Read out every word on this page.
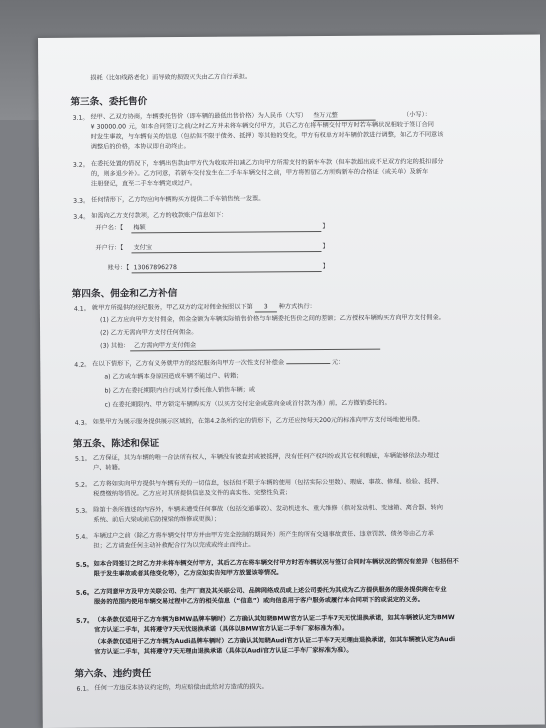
损耗（比如线路老化）而导致的损毁灭失由乙方自行承担。
第三条、委托售价
3.1。 经甲、乙双方协商，车辆委托售价（即车辆的最低出售价格）为人民币（大写） 叁万元整	（小写）：
¥ 30000.00 元，如本合同签订之前/之时乙方并未将车辆交付甲方，其后乙方在将车辆交付甲方时若车辆状况相较于签订合同
时发生事故，与车辆有关的信息（包括但不限于债务、抵押）等其他的变化，甲方有权单方对车辆价款进行调整，如乙方不同意该
调整后的价格，本协议即自动终止。
3.2。 在委托处置的情况下，车辆出售款由甲方代为收取并扣减乙方向甲方所需支付的新车车款（但车款超出或不足双方约定的抵扣部分
的，则多退少补）。乙方同意，若新车交付发生在二手车车辆交付之前，甲方将暂留乙方所购新车的合格证（或关单）及新车
注册登记，直至二手车车辆完成过户。
3.3。 任何情形下，乙方均应向车辆购买方提供二手车销售统一发票。
3.4。 如需向乙方支付款项，乙方的收款账户信息如下：
开户名：【 梅颖	】
开户行：【 支付宝	】
账号：【 13067896278	】
第四条、佣金和乙方补信
4.1。 就甲方所提供的经纪服务，甲乙双方约定对佣金按照以下第 3 种方式执行：
(1) 乙方应向甲方支付佣金，佣金金额为车辆实际销售价格与车辆委托售价之间的差额；乙方授权车辆购买方向甲方支付佣金。
(2) 乙方无需向甲方支付任何佣金。
(3) 其他： 乙方需向甲方支付佣金
4.2。 在以下情形下，乙方有义务就甲方的经纪服务向甲方一次性支付补偿金	元：
a) 乙方或车辆本身原因造成车辆不能过户、转籍；
b) 乙方在委托期限内自行或另行委托他人销售车辆；或
c) 在委托期限内、甲方锁定车辆购买方（以买方交付定金或意向金或首付款为准）前，乙方撤销委托的。
4.3。 如果甲方为展示服务提供展示区域的，在第4.2条所约定的情形下，乙方还应按每天200元的标准向甲方支付场地使用费。
第五条、陈述和保证
5.1。 乙方保证，其为车辆的唯一合法所有权人，车辆没有被查封或被抵押，没有任何产权纠纷或其它权利瑕疵，车辆能够依法办理过
户、转籍。
5.2。 乙方将如实向甲方提供与车辆有关的一切信息，包括但不限于车辆的使用（包括实际公里数）、瑕疵、事故、修理、检验、抵押、
税费缴纳等情况。乙方应对其所提供信息及文件的真实性、完整性负责；
5.3。 除第十条所描述的内容外，车辆未遭受任何事故（包括交通事故）、发动机进水、重大维修（指对发动机、变速箱、离合器、转向
系统、前后大梁或前后防撞梁的维修或更换）；
5.4。 车辆过户之前（除乙方将车辆交付甲方并由甲方完全控制的期间外）所产生的所有交通事故责任、违章罚款、债务等由乙方承
担；乙方请查任何主动补救配合行为以完成或终止而终止。
5.5。 如本合同签订之时乙方并未将车辆交付甲方，其后乙方在将车辆交付甲方时若车辆状况与签订合同时车辆状况的情况有差异（包括但不
限于发生事故或者其他变化等），乙方应如实告知甲方放置该等情况。
5.6。 乙方同意甲方及甲方关联公司、生产厂商及其关联公司、品牌网络成员或上述公司委托为其成为乙方提供服务的服务提供商在专业
服务的范围内使用车辆交易过程中乙方的相关信息（“信息”）或向信息用于客户服务或履行本合同项下的或说定的义务。
5.7。 （本条款仅适用于乙方车辆为BMW品牌车辆时）乙方确认其知晓BMW官方认证二手车7天无忧退换承诺，如其车辆被认定为BMW
官方认证二手车，其将遵守7天无忧退换承诺（具体以BMW官方认证二手车厂家标准为准）。
（本条款仅适用于乙方车辆为Audi品牌车辆时）乙方确认其知晓Audi官方认证二手车7天无理由退换承诺，如其车辆被认定为Audi
官方认证二手车，其将遵守7天无理由退换承诺（具体以Audi官方认证二手车厂家标准为准）。
第六条、违约责任
6.1。 任何一方违反本协议约定的，均应赔偿由此给对方造成的损失。
